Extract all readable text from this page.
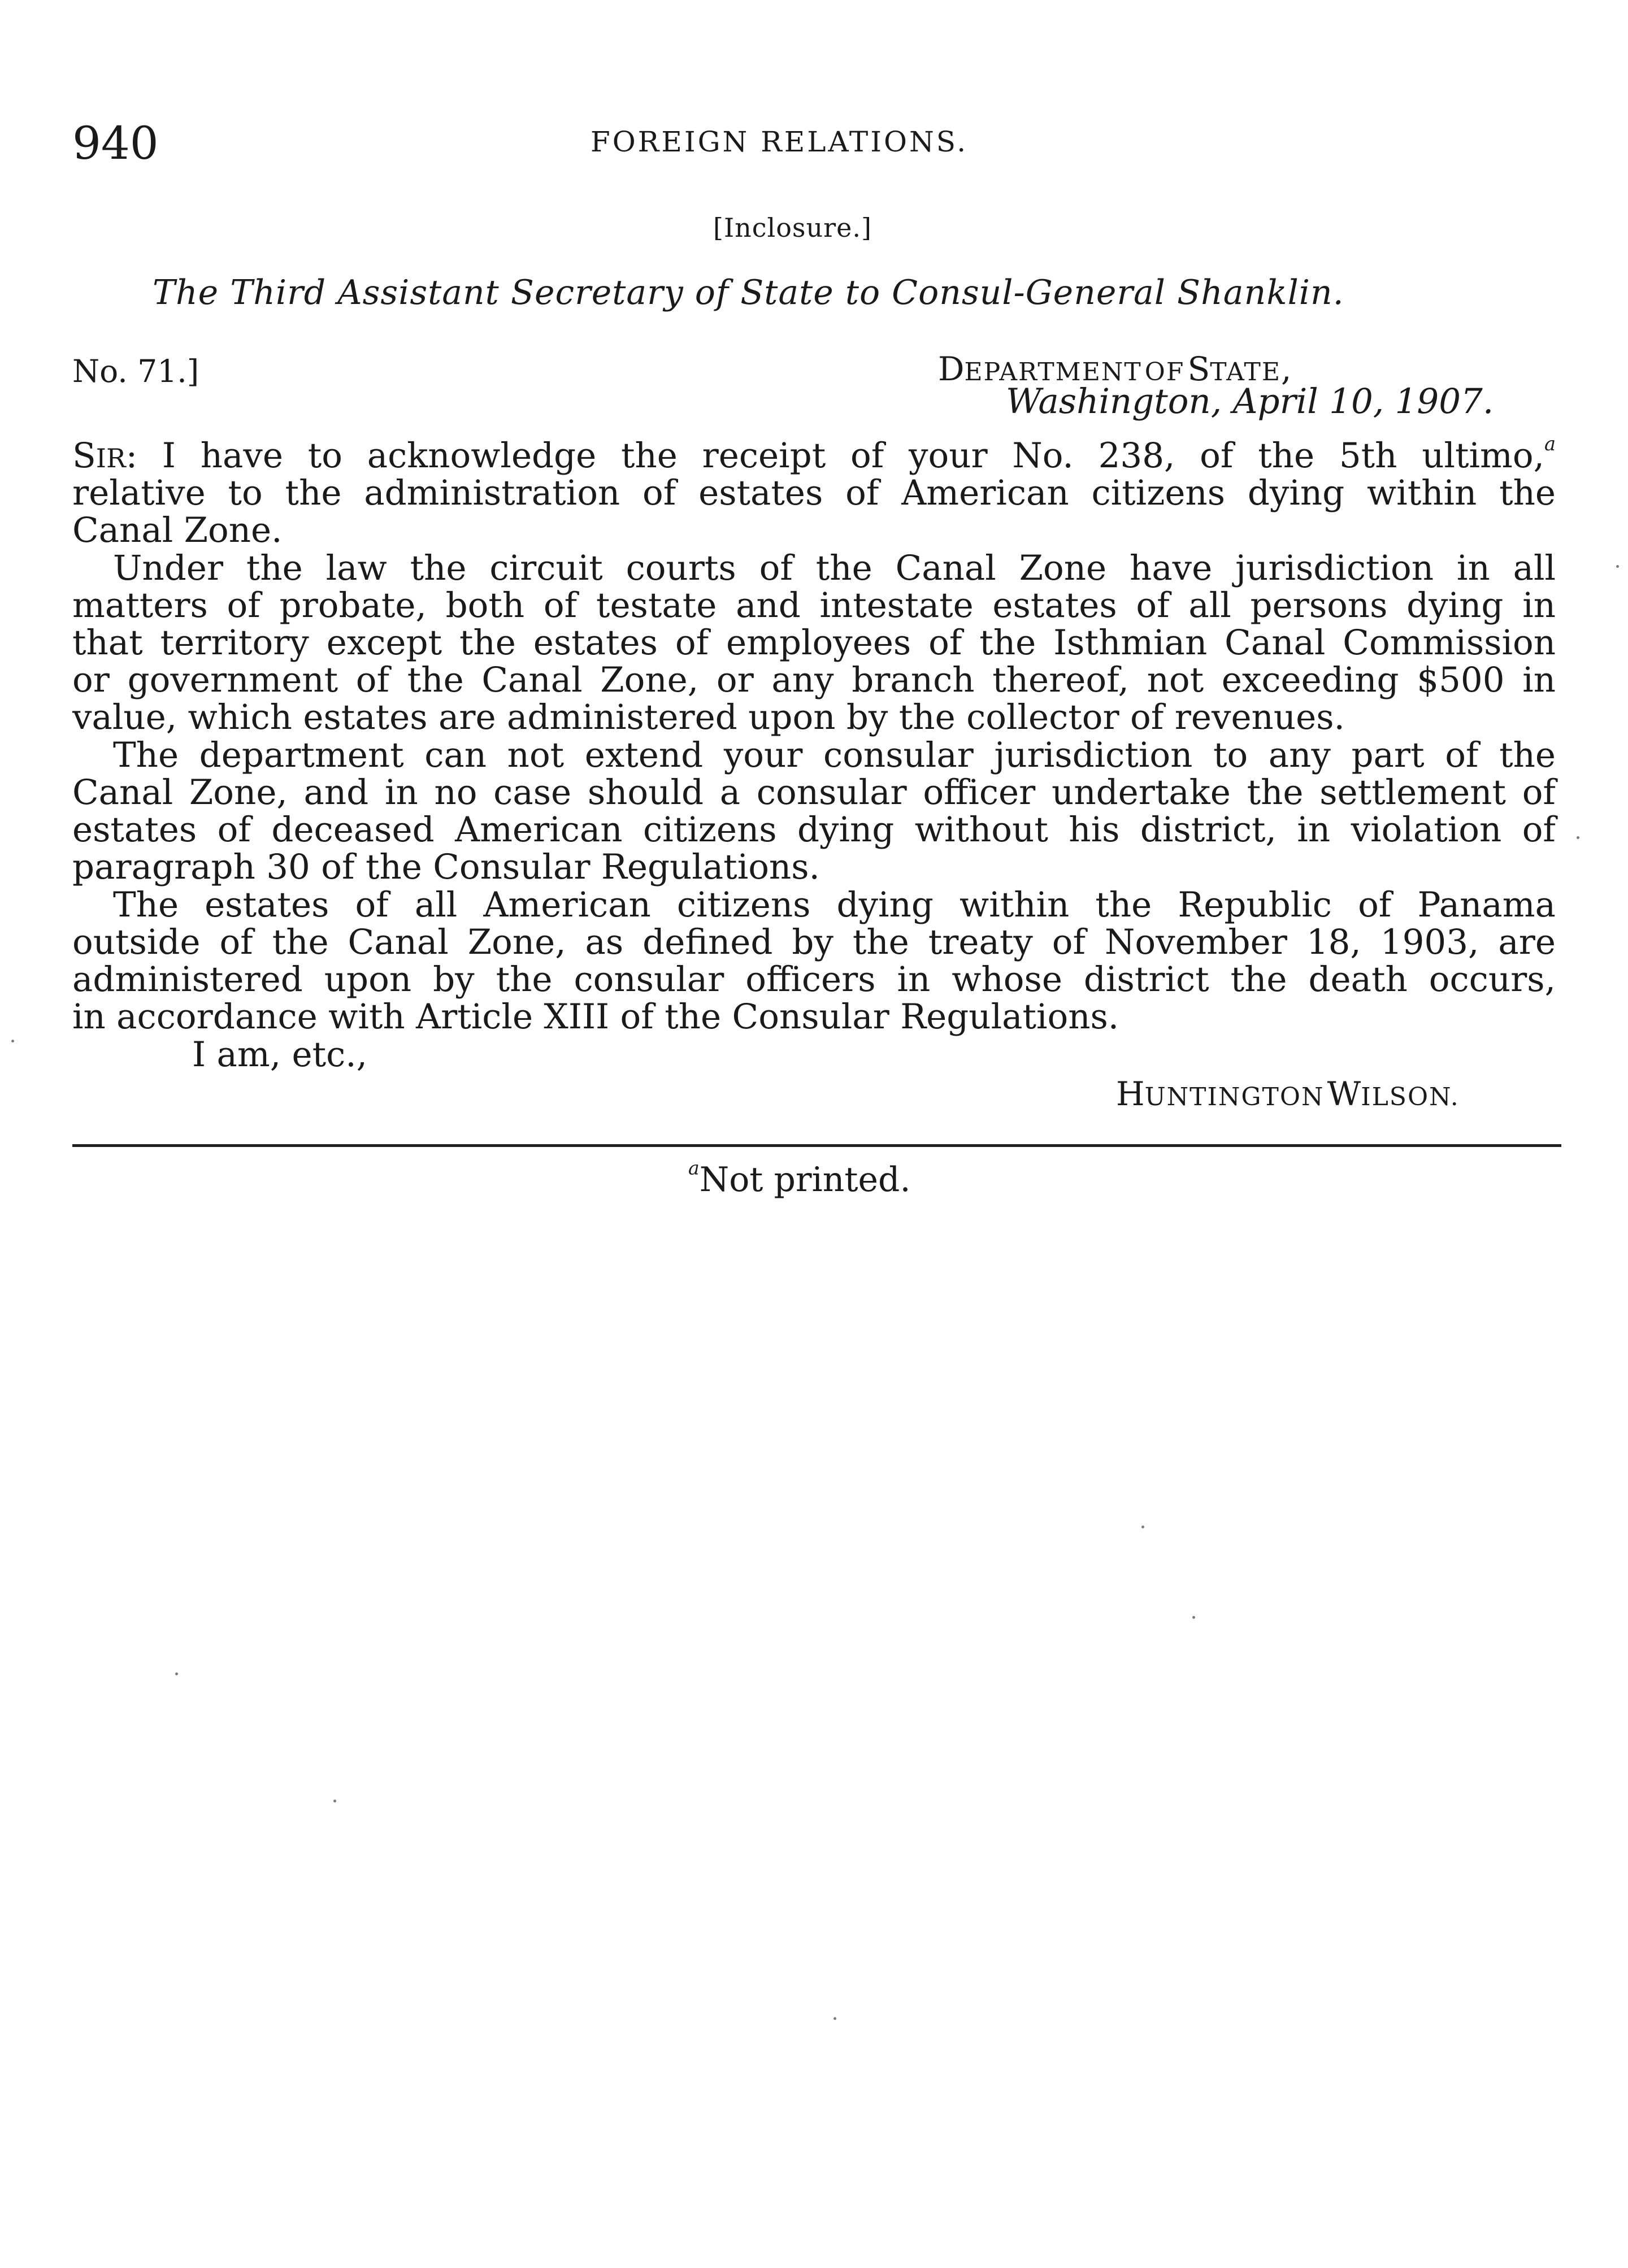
940	FOREIGN RELATIONS.
[Inclosure.]
The Third Assistant Secretary of State to Consul-General Shanklin.
No. 71.]	DEPARTMENT OF STATE,
Washington, April 10, 1907.
SIR: I have to acknowledge the receipt of your No. 238, of the 5th ultimo,$^a$
relative to the administration of estates of American citizens dying within the
Canal Zone.
Under the law the circuit courts of the Canal Zone have jurisdiction in all
matters of probate, both of testate and intestate estates of all persons dying in
that territory except the estates of employees of the Isthmian Canal Commission
or government of the Canal Zone, or any branch thereof, not exceeding $500 in
value, which estates are administered upon by the collector of revenues.
The department can not extend your consular jurisdiction to any part of the
Canal Zone, and in no case should a consular officer undertake the settlement of
estates of deceased American citizens dying without his district, in violation of
paragraph 30 of the Consular Regulations.
The estates of all American citizens dying within the Republic of Panama
outside of the Canal Zone, as defined by the treaty of November 18, 1903, are
administered upon by the consular officers in whose district the death occurs,
in accordance with Article XIII of the Consular Regulations.
I am, etc.,
HUNTINGTON WILSON.
$^a$Not printed.
